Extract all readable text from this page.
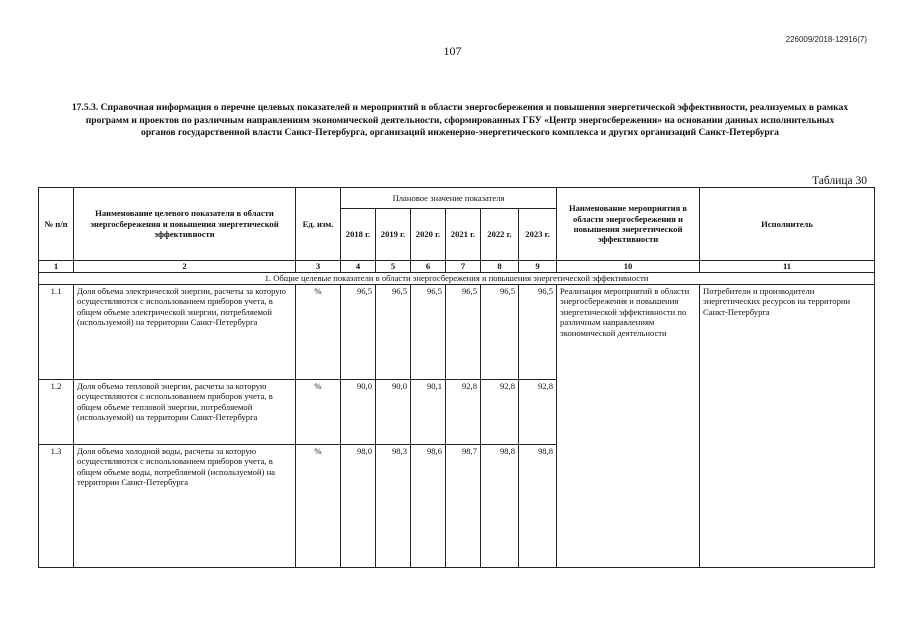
226009/2018-12916(7)
107
17.5.3. Справочная информация о перечне целевых показателей и мероприятий в области энергосбережения и повышения энергетической эффективности, реализуемых в рамках программ и проектов по различным направлениям экономической деятельности, сформированных ГБУ «Центр энергосбережения» на основании данных исполнительных органов государственной власти Санкт-Петербурга, организаций инженерно-энергетического комплекса и других организаций Санкт-Петербурга
Таблица 30
№ п/п	Наименование целевого показателя в области энергосбережения и повышения энергетической эффективности	Ед. изм.	Плановое значение показателя						Наименование мероприятия в области энергосбережения и повышения энергетической эффективности	Исполнитель
			2018 г.	2019 г.	2020 г.	2021 г.	2022 г.	2023 г.		
1	2	3	4	5	6	7	8	9	10	11
1. Общие целевые показатели в области энергосбережения и повышения энергетической эффективности										
1.1	Доля объема электрической энергии, расчеты за которую осуществляются с использованием приборов учета, в общем объеме электрической энергии, потребляемой (используемой) на территории Санкт-Петербурга	%	96,5	96,5	96,5	96,5	96,5	96,5	Реализация мероприятий в области энергосбережения и повышения энергетической эффективности по различным направлениям экономической деятельности	Потребители и производители энергетических ресурсов на территории Санкт-Петербурга
1.2	Доля объема тепловой энергии, расчеты за которую осуществляются с использованием приборов учета, в общем объеме тепловой энергии, потребляемой (используемой) на территории Санкт-Петербурга	%	90,0	90,0	90,1	92,8	92,8	92,8		
1.3	Доля объема холодной воды, расчеты за которую осуществляются с использованием приборов учета, в общем объеме воды, потребляемой (используемой) на территории Санкт-Петербурга	%	98,0	98,3	98,6	98,7	98,8	98,8		
